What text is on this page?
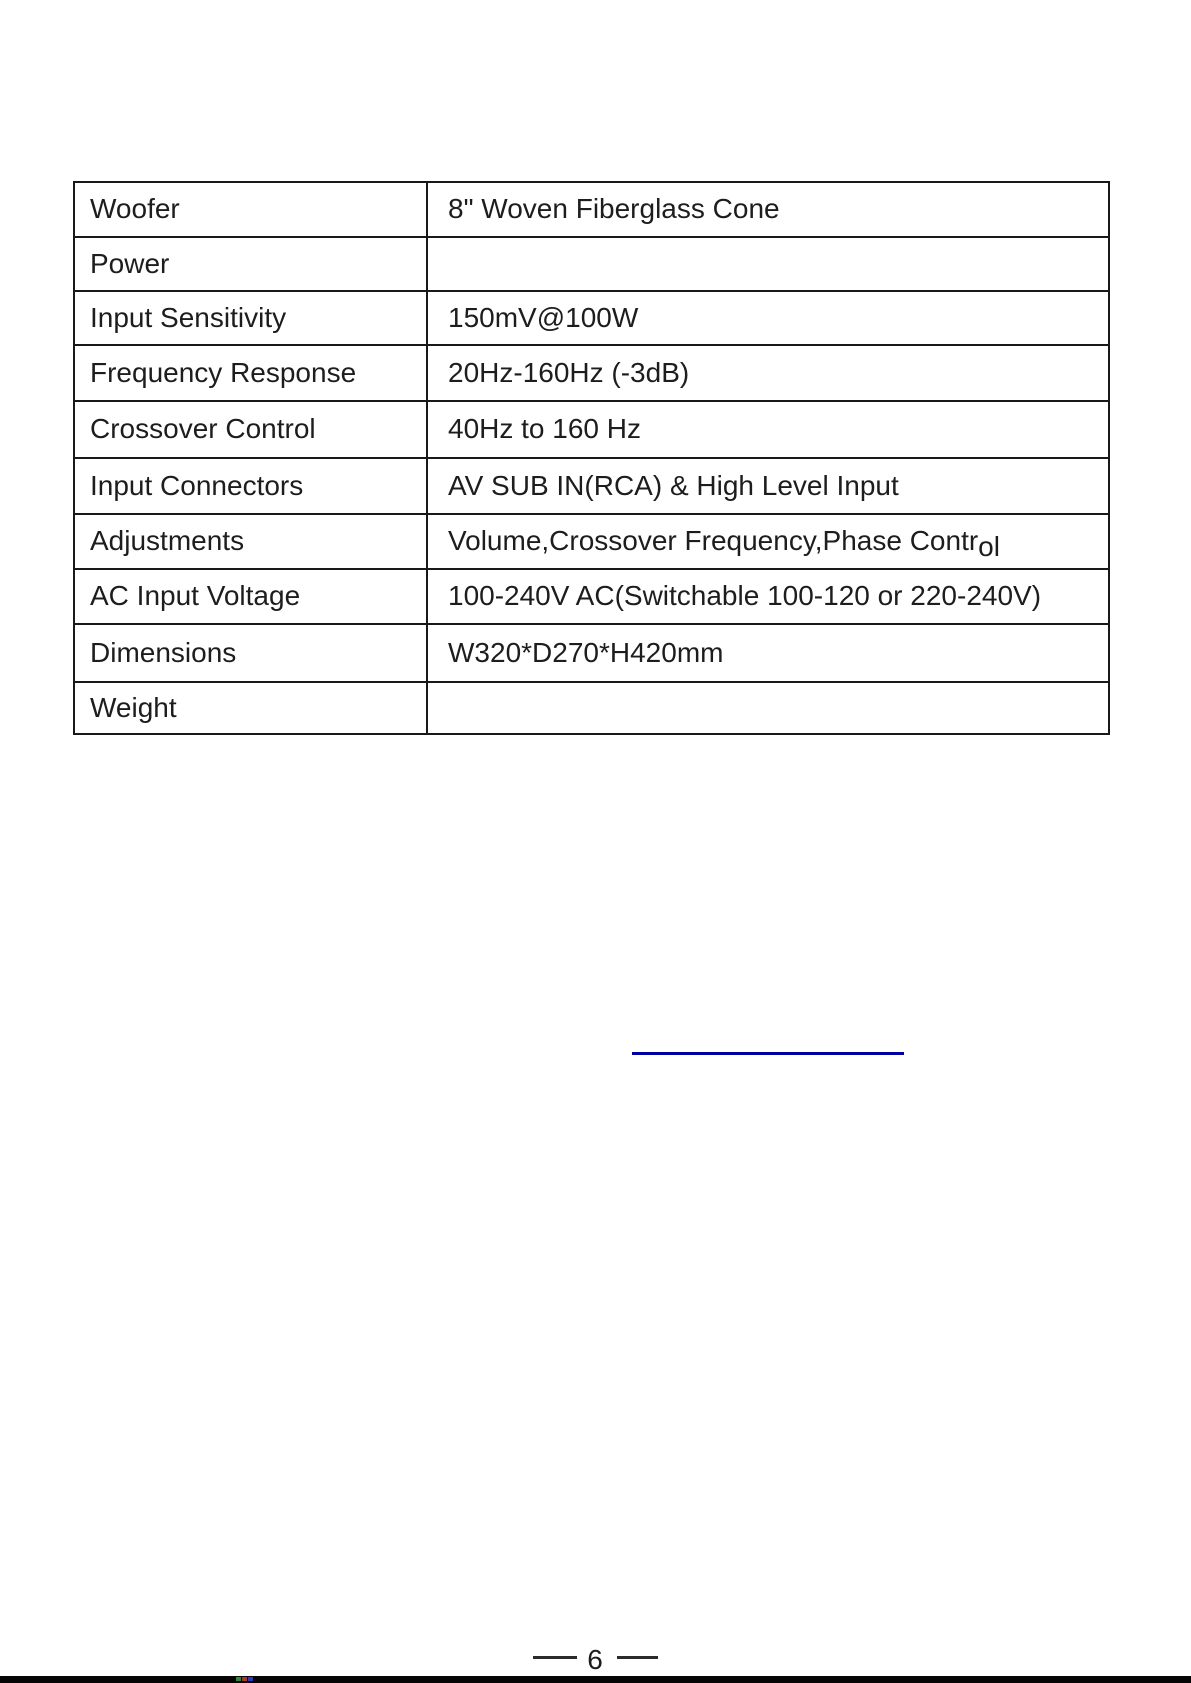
Woofer	8" Woven Fiberglass Cone
Power	
Input Sensitivity	150mV@100W
Frequency Response	20Hz-160Hz (-3dB)
Crossover Control	40Hz to 160 Hz
Input Connectors	AV SUB IN(RCA) & High Level Input
Adjustments	Volume,Crossover Frequency,Phase Control
AC Input Voltage	100-240V AC(Switchable 100-120 or 220-240V)
Dimensions	W320*D270*H420mm
Weight	
6
